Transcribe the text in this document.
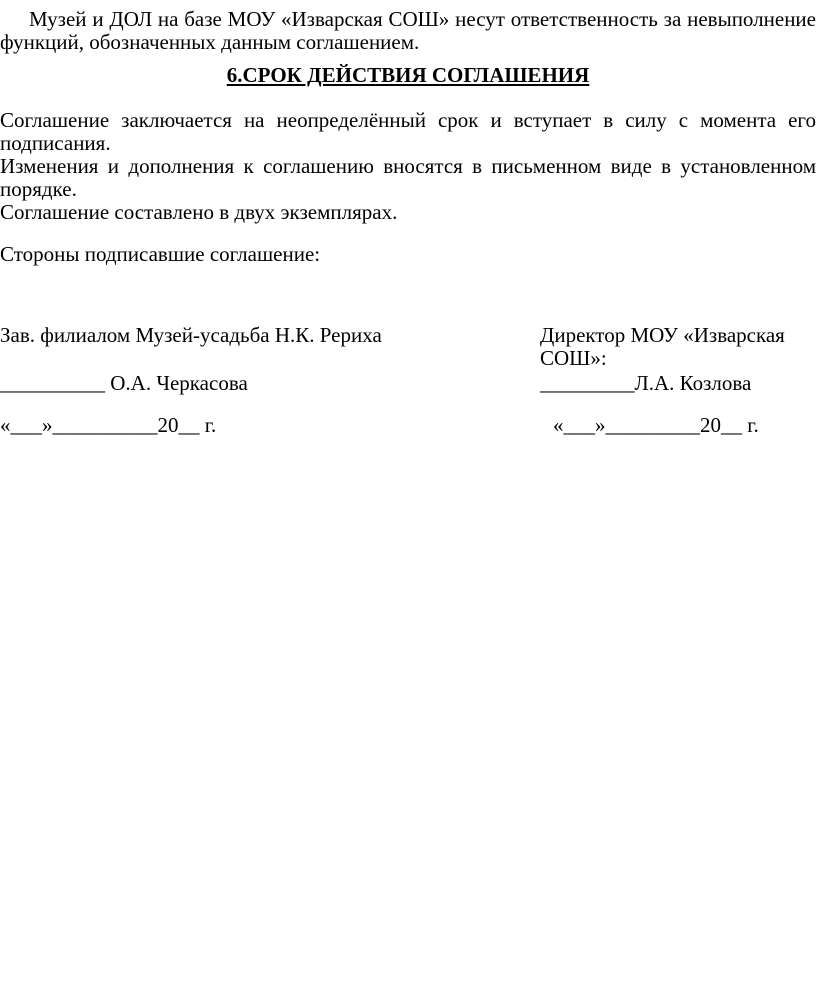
Музей и ДОЛ на базе МОУ «Изварская СОШ» несут ответственность за невыполнение функций, обозначенных данным соглашением.

6.СРОК ДЕЙСТВИЯ СОГЛАШЕНИЯ

Соглашение заключается на неопределённый срок и вступает в силу с момента его подписания.

Изменения и дополнения к соглашению вносятся в письменном виде в установленном порядке.

Соглашение составлено в двух экземплярах.

Стороны подписавшие соглашение:

Зав. филиалом Музей-усадьба Н.К. Рериха
__________ О.А. Черкасова
«___»__________20__ г.
Директор МОУ «Изварская СОШ»:
_________Л.А. Козлова
«___»_________20__ г.
